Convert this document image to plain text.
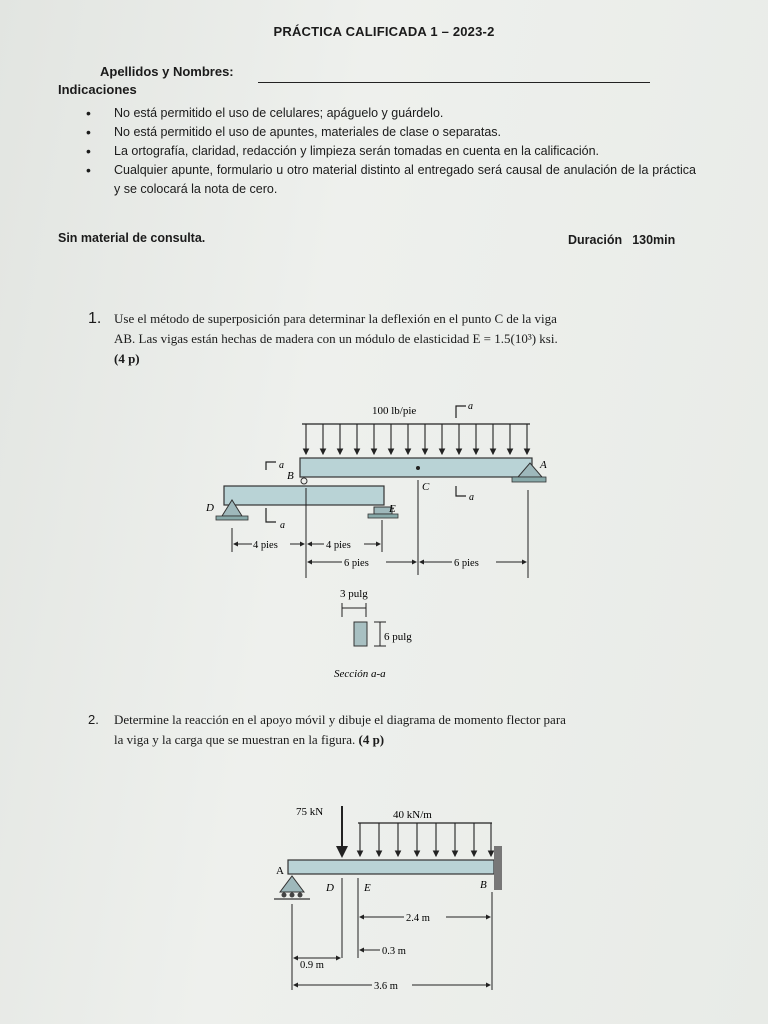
PRÁCTICA CALIFICADA 1 – 2023-2
Apellidos y Nombres:
Indicaciones
• No está permitido el uso de celulares; apáguelo y guárdelo.
• No está permitido el uso de apuntes, materiales de clase o separatas.
• La ortografía, claridad, redacción y limpieza serán tomadas en cuenta en la calificación.
• Cualquier apunte, formulario u otro material distinto al entregado será causal de anulación de la práctica y se colocará la nota de cero.
Sin material de consulta.	Duración 130min
1. Use el método de superposición para determinar la deflexión en el punto C de la viga
AB. Las vigas están hechas de madera con un módulo de elasticidad E = 1.5(10³) ksi.
(4 p)
100 lb/pie	a
A
B
a
C
a
D	E
a
4 pies	4 pies
6 pies	6 pies
3 pulg
6 pulg
Sección a-a
2. Determine la reacción en el apoyo móvil y dibuje el diagrama de momento flector para
la viga y la carga que se muestran en la figura. (4 p)
75 kN	40 kN/m
B
A
D	E
2.4 m
0.3 m
0.9 m
3.6 m
